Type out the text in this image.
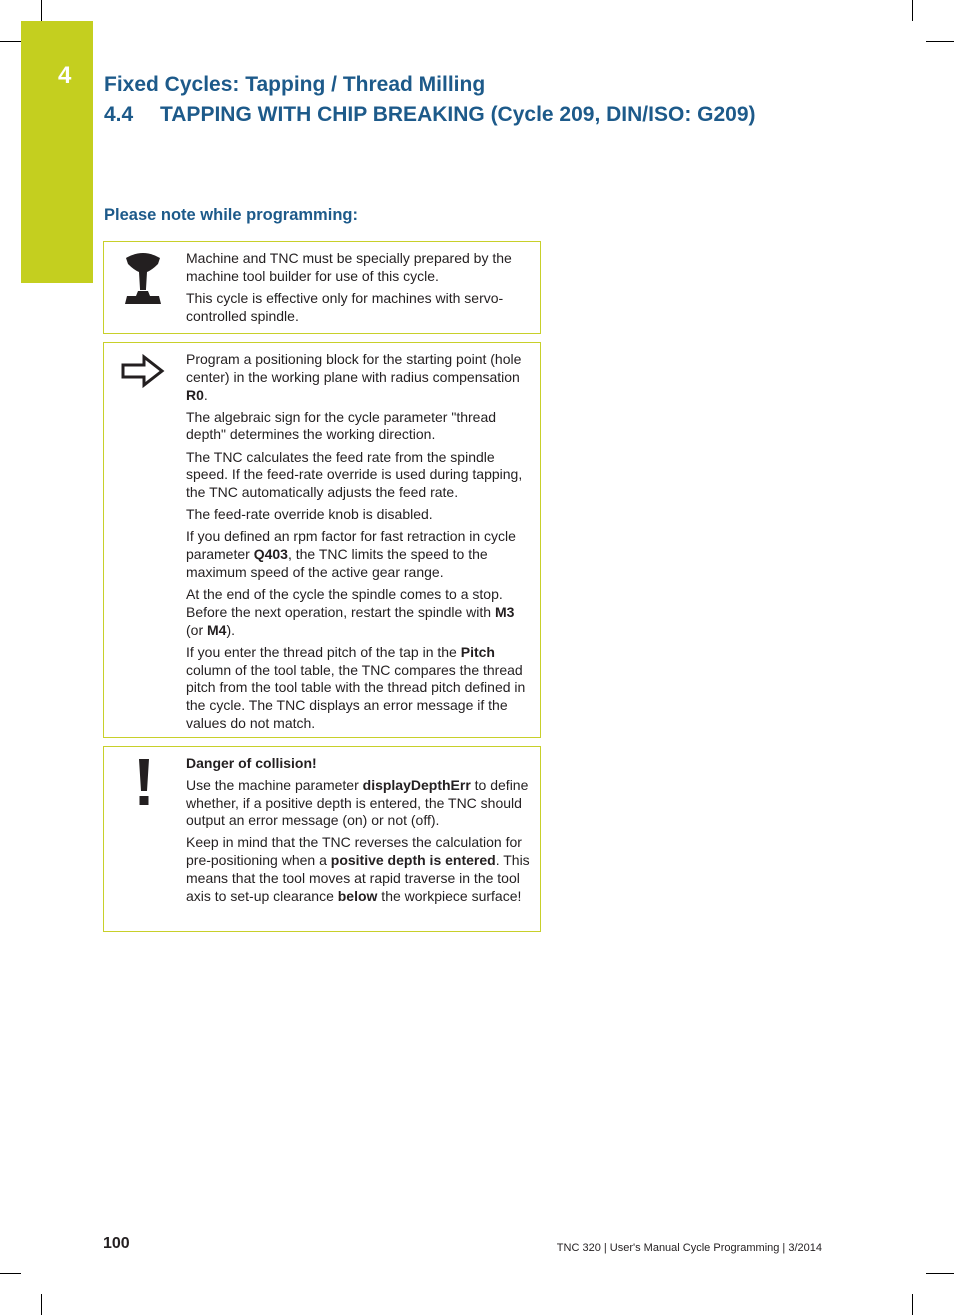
4 Fixed Cycles: Tapping / Thread Milling
4.4 TAPPING WITH CHIP BREAKING (Cycle 209, DIN/ISO: G209)
Please note while programming:

Machine and TNC must be specially prepared by the machine tool builder for use of this cycle.

This cycle is effective only for machines with servo-controlled spindle.

Program a positioning block for the starting point (hole center) in the working plane with radius compensation R0.

The algebraic sign for the cycle parameter "thread depth" determines the working direction.

The TNC calculates the feed rate from the spindle speed. If the feed-rate override is used during tapping, the TNC automatically adjusts the feed rate.

The feed-rate override knob is disabled.

If you defined an rpm factor for fast retraction in cycle parameter Q403, the TNC limits the speed to the maximum speed of the active gear range.

At the end of the cycle the spindle comes to a stop. Before the next operation, restart the spindle with M3 (or M4).

If you enter the thread pitch of the tap in the Pitch column of the tool table, the TNC compares the thread pitch from the tool table with the thread pitch defined in the cycle. The TNC displays an error message if the values do not match.

Danger of collision!

Use the machine parameter displayDepthErr to define whether, if a positive depth is entered, the TNC should output an error message (on) or not (off).

Keep in mind that the TNC reverses the calculation for pre-positioning when a positive depth is entered. This means that the tool moves at rapid traverse in the tool axis to set-up clearance below the workpiece surface!

100	TNC 320 | User's Manual Cycle Programming | 3/2014
